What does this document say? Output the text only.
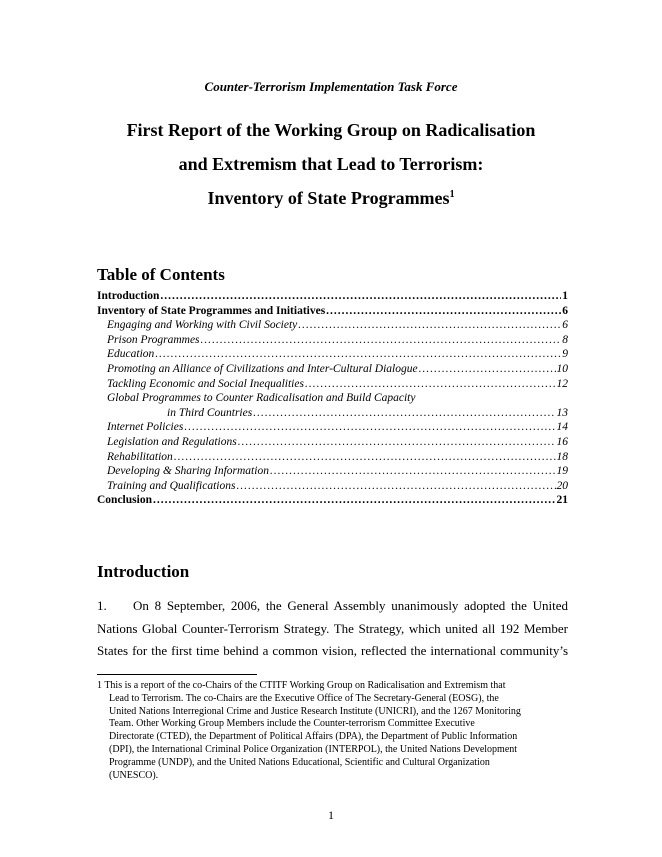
Counter-Terrorism Implementation Task Force
First Report of the Working Group on Radicalisation
and Extremism that Lead to Terrorism:
Inventory of State Programmes$^1$
Table of Contents
Introduction .....	1
Inventory of State Programmes and Initiatives .....	6
Engaging and Working with Civil Society .....	6
Prison Programmes .....	8
Education .....	9
Promoting an Alliance of Civilizations and Inter-Cultural Dialogue .....	10
Tackling Economic and Social Inequalities .....	12
Global Programmes to Counter Radicalisation and Build Capacity
in Third Countries .....	13
Internet Policies .....	14
Legislation and Regulations .....	16
Rehabilitation .....	18
Developing & Sharing Information .....	19
Training and Qualifications .....	20
Conclusion .....	21
Introduction
1. On 8 September, 2006, the General Assembly unanimously adopted the United
Nations Global Counter-Terrorism Strategy. The Strategy, which united all 192 Member
States for the first time behind a common vision, reflected the international community’s
1 This is a report of the co-Chairs of the CTITF Working Group on Radicalisation and Extremism that
Lead to Terrorism. The co-Chairs are the Executive Office of The Secretary-General (EOSG), the
United Nations Interregional Crime and Justice Research Institute (UNICRI), and the 1267 Monitoring
Team. Other Working Group Members include the Counter-terrorism Committee Executive
Directorate (CTED), the Department of Political Affairs (DPA), the Department of Public Information
(DPI), the International Criminal Police Organization (INTERPOL), the United Nations Development
Programme (UNDP), and the United Nations Educational, Scientific and Cultural Organization
(UNESCO).
1
